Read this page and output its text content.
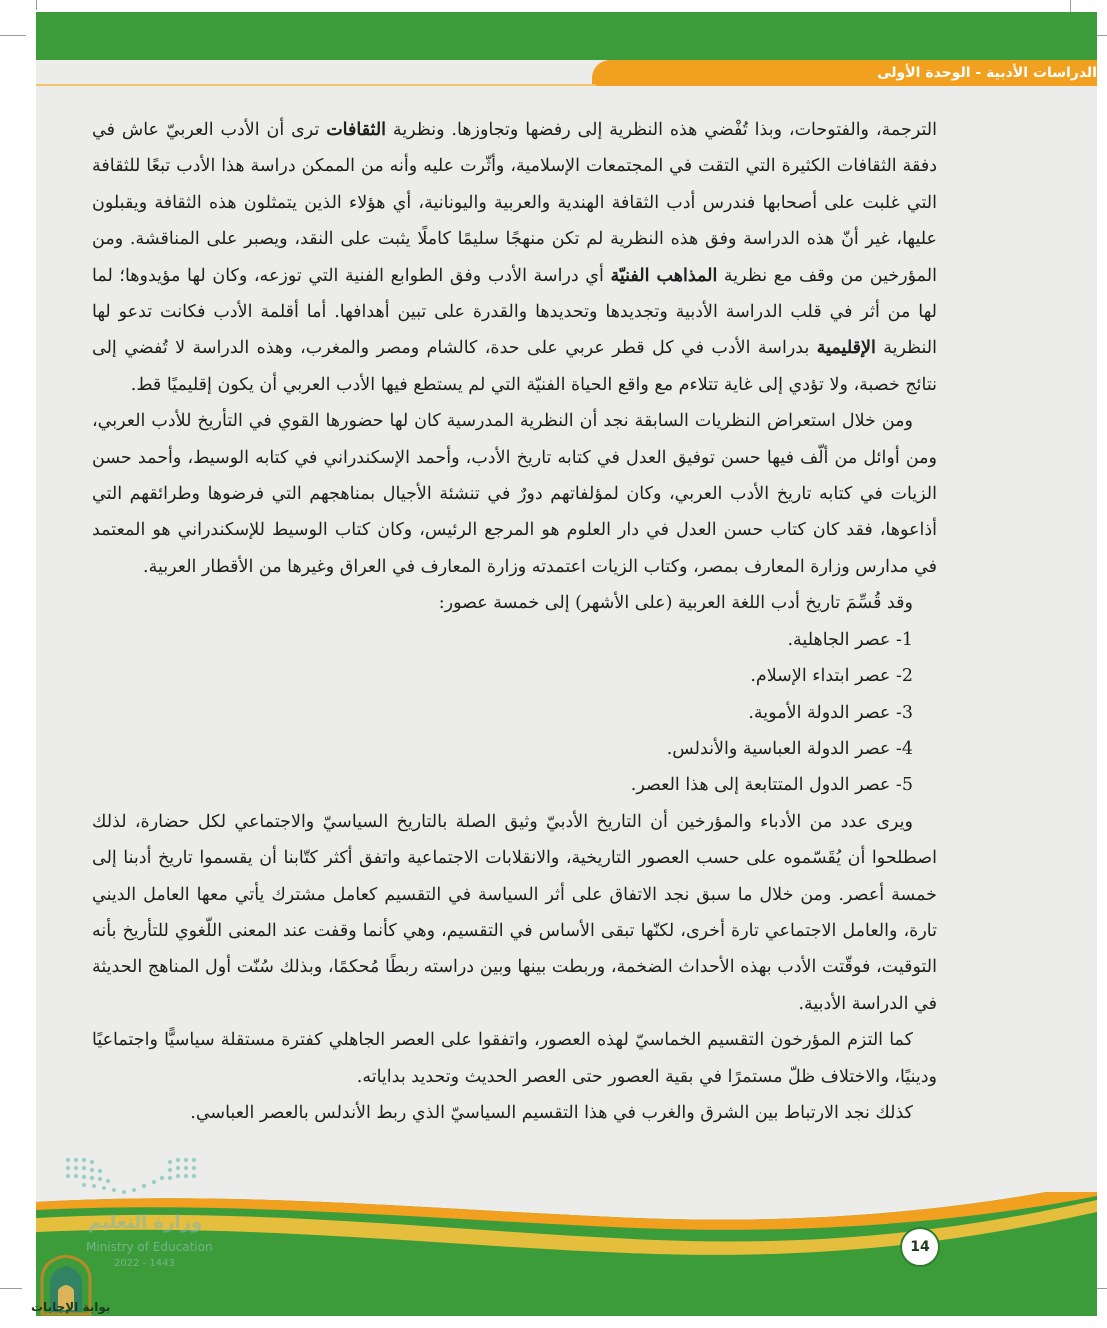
الدراسات الأدبية - الوحدة الأولى
وزارة التعليم
Ministry of Education
2022 - 1443
14

الترجمة، والفتوحات، وبذا تُفْضي هذه النظرية إلى رفضها وتجاوزها. ونظرية الثقافات ترى أن الأدب العربيّ عاش في دفقة الثقافات الكثيرة التي التقت في المجتمعات الإسلامية، وأثّرت عليه وأنه من الممكن دراسة هذا الأدب تبعًا للثقافة التي غلبت على أصحابها فندرس أدب الثقافة الهندية والعربية واليونانية، أي هؤلاء الذين يتمثلون هذه الثقافة ويقبلون عليها، غير أنّ هذه الدراسة وفق هذه النظرية لم تكن منهجًا سليمًا كاملًا يثبت على النقد، ويصبر على المناقشة. ومن المؤرخين من وقف مع نظرية المذاهب الفنيّة أي دراسة الأدب وفق الطوابع الفنية التي توزعه، وكان لها مؤيدوها؛ لما لها من أثر في قلب الدراسة الأدبية وتجديدها وتحديدها والقدرة على تبين أهدافها. أما أقلمة الأدب فكانت تدعو لها النظرية الإقليمية بدراسة الأدب في كل قطر عربي على حدة، كالشام ومصر والمغرب، وهذه الدراسة لا تُفضي إلى نتائج خصبة، ولا تؤدي إلى غاية تتلاءم مع واقع الحياة الفنيّة التي لم يستطع فيها الأدب العربي أن يكون إقليميًا قط.

ومن خلال استعراض النظريات السابقة نجد أن النظرية المدرسية كان لها حضورها القوي في التأريخ للأدب العربي، ومن أوائل من ألّف فيها حسن توفيق العدل في كتابه تاريخ الأدب، وأحمد الإسكندراني في كتابه الوسيط، وأحمد حسن الزيات في كتابه تاريخ الأدب العربي، وكان لمؤلفاتهم دورٌ في تنشئة الأجيال بمناهجهم التي فرضوها وطرائقهم التي أذاعوها، فقد كان كتاب حسن العدل في دار العلوم هو المرجع الرئيس، وكان كتاب الوسيط للإسكندراني هو المعتمد في مدارس وزارة المعارف بمصر، وكتاب الزيات اعتمدته وزارة المعارف في العراق وغيرها من الأقطار العربية.

وقد قُسِّمَ تاريخ أدب اللغة العربية (على الأشهر) إلى خمسة عصور:

1- عصر الجاهلية.

2- عصر ابتداء الإسلام.

3- عصر الدولة الأموية.

4- عصر الدولة العباسية والأندلس.

5- عصر الدول المتتابعة إلى هذا العصر.

ويرى عدد من الأدباء والمؤرخين أن التاريخ الأدبيّ وثيق الصلة بالتاريخ السياسيّ والاجتماعي لكل حضارة، لذلك اصطلحوا أن يُقَسّموه على حسب العصور التاريخية، والانقلابات الاجتماعية واتفق أكثر كتّابنا أن يقسموا تاريخ أدبنا إلى خمسة أعصر. ومن خلال ما سبق نجد الاتفاق على أثر السياسة في التقسيم كعامل مشترك يأتي معها العامل الديني تارة، والعامل الاجتماعي تارة أخرى، لكنّها تبقى الأساس في التقسيم، وهي كأنما وقفت عند المعنى اللّغوي للتأريخ بأنه التوقيت، فوقّتت الأدب بهذه الأحداث الضخمة، وربطت بينها وبين دراسته ربطًا مُحكمًا، وبذلك سُنّت أول المناهج الحديثة في الدراسة الأدبية.

كما التزم المؤرخون التقسيم الخماسيّ لهذه العصور، واتفقوا على العصر الجاهلي كفترة مستقلة سياسيًّا واجتماعيًا ودينيًا، والاختلاف ظلّ مستمرًا في بقية العصور حتى العصر الحديث وتحديد بداياته.

كذلك نجد الارتباط بين الشرق والغرب في هذا التقسيم السياسيّ الذي ربط الأندلس بالعصر العباسي.

بوابة الإجابات
